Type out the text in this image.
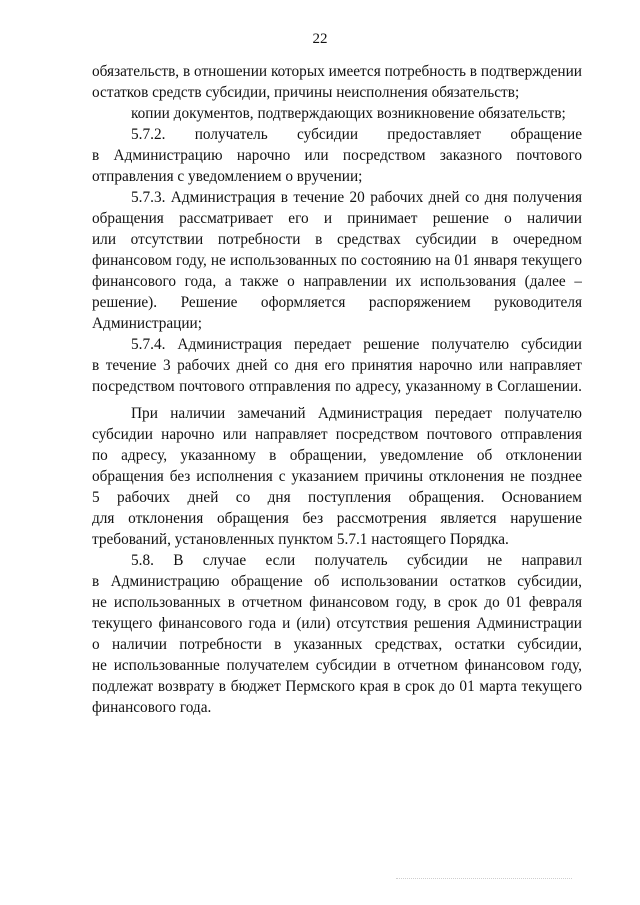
22
обязательств, в отношении которых имеется потребность в подтверждении
остатков средств субсидии, причины неисполнения обязательств;
копии документов, подтверждающих возникновение обязательств;
5.7.2. получатель субсидии предоставляет обращение
в Администрацию нарочно или посредством заказного почтового
отправления с уведомлением о вручении;
5.7.3. Администрация в течение 20 рабочих дней со дня получения
обращения рассматривает его и принимает решение о наличии
или отсутствии потребности в средствах субсидии в очередном
финансовом году, не использованных по состоянию на 01 января текущего
финансового года, а также о направлении их использования (далее –
решение). Решение оформляется распоряжением руководителя
Администрации;
5.7.4. Администрация передает решение получателю субсидии
в течение 3 рабочих дней со дня его принятия нарочно или направляет
посредством почтового отправления по адресу, указанному в Соглашении.
При наличии замечаний Администрация передает получателю
субсидии нарочно или направляет посредством почтового отправления
по адресу, указанному в обращении, уведомление об отклонении
обращения без исполнения с указанием причины отклонения не позднее
5 рабочих дней со дня поступления обращения. Основанием
для отклонения обращения без рассмотрения является нарушение
требований, установленных пунктом 5.7.1 настоящего Порядка.
5.8. В случае если получатель субсидии не направил
в Администрацию обращение об использовании остатков субсидии,
не использованных в отчетном финансовом году, в срок до 01 февраля
текущего финансового года и (или) отсутствия решения Администрации
о наличии потребности в указанных средствах, остатки субсидии,
не использованные получателем субсидии в отчетном финансовом году,
подлежат возврату в бюджет Пермского края в срок до 01 марта текущего
финансового года.
